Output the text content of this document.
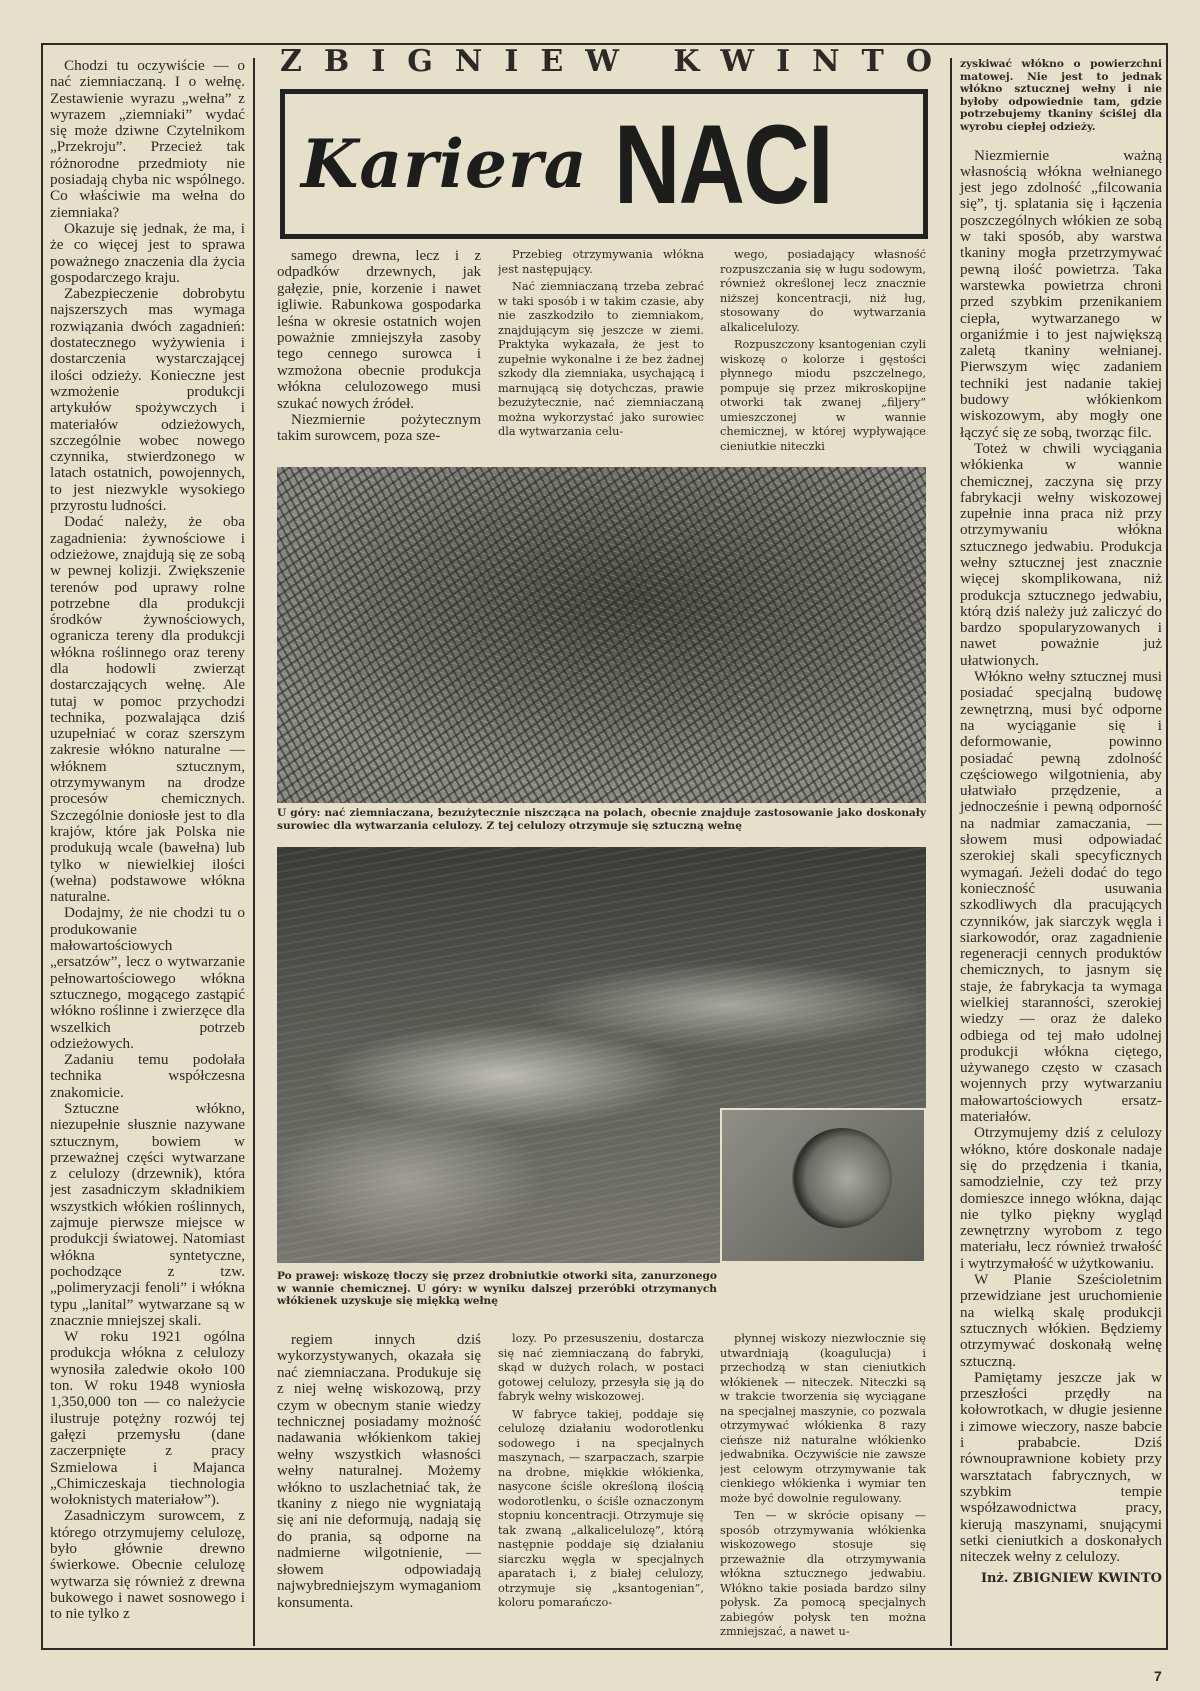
Chodzi tu oczywiście — o nać ziemniaczaną. I o wełnę. Zestawienie wyrazu „wełna” z wyrazem „ziemniaki” wydać się może dziwne Czytelnikom „Przekroju”. Przecież tak różnorodne przedmioty nie posiadają chyba nic wspólnego. Co właściwie ma wełna do ziemniaka?

Okazuje się jednak, że ma, i że co więcej jest to sprawa poważnego znaczenia dla życia gospodarczego kraju.

Zabezpieczenie dobrobytu najszerszych mas wymaga rozwiązania dwóch zagadnień: dostatecznego wyżywienia i dostarczenia wystarczającej ilości odzieży. Konieczne jest wzmożenie produkcji artykułów spożywczych i materiałów odzieżowych, szczególnie wobec nowego czynnika, stwierdzonego w latach ostatnich, powojennych, to jest niezwykle wysokiego przyrostu ludności.

Dodać należy, że oba zagadnienia: żywnościowe i odzieżowe, znajdują się ze sobą w pewnej kolizji. Zwiększenie terenów pod uprawy rolne potrzebne dla produkcji środków żywnościowych, ogranicza tereny dla produkcji włókna roślinnego oraz tereny dla hodowli zwierząt dostarczających wełnę. Ale tutaj w pomoc przychodzi technika, pozwalająca dziś uzupełniać w coraz szerszym zakresie włókno naturalne — włóknem sztucznym, otrzymywanym na drodze procesów chemicznych. Szczególnie doniosłe jest to dla krajów, które jak Polska nie produkują wcale (bawełna) lub tylko w niewielkiej ilości (wełna) podstawowe włókna naturalne.

Dodajmy, że nie chodzi tu o produkowanie małowartościowych „ersatzów”, lecz o wytwarzanie pełnowartościowego włókna sztucznego, mogącego zastąpić włókno roślinne i zwierzęce dla wszelkich potrzeb odzieżowych.

Zadaniu temu podołała technika współczesna znakomicie.

Sztuczne włókno, niezupełnie słusznie nazywane sztucznym, bowiem w przeważnej części wytwarzane z celulozy (drzewnik), która jest zasadniczym składnikiem wszystkich włókien roślinnych, zajmuje pierwsze miejsce w produkcji światowej. Natomiast włókna syntetyczne, pochodzące z tzw. „polimeryzacji fenoli” i włókna typu „lanital” wytwarzane są w znacznie mniejszej skali.

W roku 1921 ogólna produkcja włókna z celulozy wynosiła zaledwie około 100 ton. W roku 1948 wyniosła 1,350,000 ton — co należycie ilustruje potężny rozwój tej gałęzi przemysłu (dane zaczerpnięte z pracy Szmielowa i Majanca „Chimiczeskaja tiechnologia wołoknistych materiałow”).

Zasadniczym surowcem, z którego otrzymujemy celulozę, było głównie drewno świerkowe. Obecnie celulozę wytwarza się również z drewna bukowego i nawet sosnowego i to nie tylko z

ZBIGNIEW KWINTO
Kariera NACI

samego drewna, lecz i z odpadków drzewnych, jak gałęzie, pnie, korzenie i nawet igliwie. Rabunkowa gospodarka leśna w okresie ostatnich wojen poważnie zmniejszyła zasoby tego cennego surowca i wzmożona obecnie produkcja włókna celulozowego musi szukać nowych źródeł.

Niezmiernie pożytecznym takim surowcem, poza sze-

Przebieg otrzymywania włókna jest następujący.

Nać ziemniaczaną trzeba zebrać w taki sposób i w takim czasie, aby nie zaszkodziło to ziemniakom, znajdującym się jeszcze w ziemi. Praktyka wykazała, że jest to zupełnie wykonalne i że bez żadnej szkody dla ziemniaka, usychającą i marnującą się dotychczas, prawie bezużytecznie, nać ziemniaczaną można wykorzystać jako surowiec dla wytwarzania celu-

wego, posiadający własność rozpuszczania się w ługu sodowym, również określonej lecz znacznie niższej koncentracji, niż ług, stosowany do wytwarzania alkalicelulozy.

Rozpuszczony ksantogenian czyli wiskozę o kolorze i gęstości płynnego miodu pszczelnego, pompuje się przez mikroskopijne otworki tak zwanej „filjery” umieszczonej w wannie chemicznej, w której wypływające cieniutkie niteczki

U góry: nać ziemniaczana, bezużytecznie niszcząca na polach, obecnie znajduje zastosowanie jako doskonały surowiec dla wytwarzania celulozy. Z tej celulozy otrzymuje się sztuczną wełnę
Po prawej: wiskozę tłoczy się przez drobniutkie otworki sita, zanurzonego w wannie chemicznej. U góry: w wyniku dalszej przeróbki otrzymanych włókienek uzyskuje się miękką wełnę

regiem innych dziś wykorzystywanych, okazała się nać ziemniaczana. Produkuje się z niej wełnę wiskozową, przy czym w obecnym stanie wiedzy technicznej posiadamy możność nadawania włókienkom takiej wełny wszystkich własności wełny naturalnej. Możemy włókno to uszlachetniać tak, że tkaniny z niego nie wygniatają się ani nie deformują, nadają się do prania, są odporne na nadmierne wilgotnienie, — słowem odpowiadają najwybredniejszym wymaganiom konsumenta.

lozy. Po przesuszeniu, dostarcza się nać ziemniaczaną do fabryki, skąd w dużych rolach, w postaci gotowej celulozy, przesyła się ją do fabryk wełny wiskozowej.

W fabryce takiej, poddaje się celulozę działaniu wodorotlenku sodowego i na specjalnych maszynach, — szarpaczach, szarpie na drobne, miękkie włókienka, nasycone ściśle określoną ilością wodorotlenku, o ściśle oznaczonym stopniu koncentracji. Otrzymuje się tak zwaną „alkalicelulozę”, którą następnie poddaje się działaniu siarczku węgla w specjalnych aparatach i, z białej celulozy, otrzymuje się „ksantogenian”, koloru pomarańczo-

płynnej wiskozy niezwłocznie się utwardniają (koagulucja) i przechodzą w stan cieniutkich włókienek — niteczek. Niteczki są w trakcie tworzenia się wyciągane na specjalnej maszynie, co pozwala otrzymywać włókienka 8 razy cieńsze niż naturalne włókienko jedwabnika. Oczywiście nie zawsze jest celowym otrzymywanie tak cienkiego włókienka i wymiar ten może być dowolnie regulowany.

Ten — w skrócie opisany — sposób otrzymywania włókienka wiskozowego stosuje się przeważnie dla otrzymywania włókna sztucznego jedwabiu. Włókno takie posiada bardzo silny połysk. Za pomocą specjalnych zabiegów połysk ten można zmniejszać, a nawet u-

zyskiwać włókno o powierzchni matowej. Nie jest to jednak włókno sztucznej wełny i nie byłoby odpowiednie tam, gdzie potrzebujemy tkaniny ściślej dla wyrobu ciepłej odzieży.

Niezmiernie ważną własnością włókna wełnianego jest jego zdolność „filcowania się”, tj. splatania się i łączenia poszczególnych włókien ze sobą w taki sposób, aby warstwa tkaniny mogła przetrzymywać pewną ilość powietrza. Taka warstewka powietrza chroni przed szybkim przenikaniem ciepła, wytwarzanego w organiźmie i to jest największą zaletą tkaniny wełnianej. Pierwszym więc zadaniem techniki jest nadanie takiej budowy włókienkom wiskozowym, aby mogły one łączyć się ze sobą, tworząc filc.

Toteż w chwili wyciągania włókienka w wannie chemicznej, zaczyna się przy fabrykacji wełny wiskozowej zupełnie inna praca niż przy otrzymywaniu włókna sztucznego jedwabiu. Produkcja wełny sztucznej jest znacznie więcej skomplikowana, niż produkcja sztucznego jedwabiu, którą dziś należy już zaliczyć do bardzo spopularyzowanych i nawet poważnie już ułatwionych.

Włókno wełny sztucznej musi posiadać specjalną budowę zewnętrzną, musi być odporne na wyciąganie się i deformowanie, powinno posiadać pewną zdolność częściowego wilgotnienia, aby ułatwiało przędzenie, a jednocześnie i pewną odporność na nadmiar zamaczania, — słowem musi odpowiadać szerokiej skali specyficznych wymagań. Jeżeli dodać do tego konieczność usuwania szkodliwych dla pracujących czynników, jak siarczyk węgla i siarkowodór, oraz zagadnienie regeneracji cennych produktów chemicznych, to jasnym się staje, że fabrykacja ta wymaga wielkiej staranności, szerokiej wiedzy — oraz że daleko odbiega od tej mało udolnej produkcji włókna ciętego, używanego często w czasach wojennych przy wytwarzaniu małowartościowych ersatz-materiałów.

Otrzymujemy dziś z celulozy włókno, które doskonale nadaje się do przędzenia i tkania, samodzielnie, czy też przy domieszce innego włókna, dając nie tylko piękny wygląd zewnętrzny wyrobom z tego materiału, lecz również trwałość i wytrzymałość w użytkowaniu.

W Planie Sześcioletnim przewidziane jest uruchomienie na wielką skalę produkcji sztucznych włókien. Będziemy otrzymywać doskonałą wełnę sztuczną.

Pamiętamy jeszcze jak w przeszłości przędły na kołowrotkach, w długie jesienne i zimowe wieczory, nasze babcie i prababcie. Dziś równouprawnione kobiety przy warsztatach fabrycznych, w szybkim tempie współzawodnictwa pracy, kierują maszynami, snującymi setki cieniutkich a doskonałych niteczek wełny z celulozy.

Inż. ZBIGNIEW KWINTO

7
